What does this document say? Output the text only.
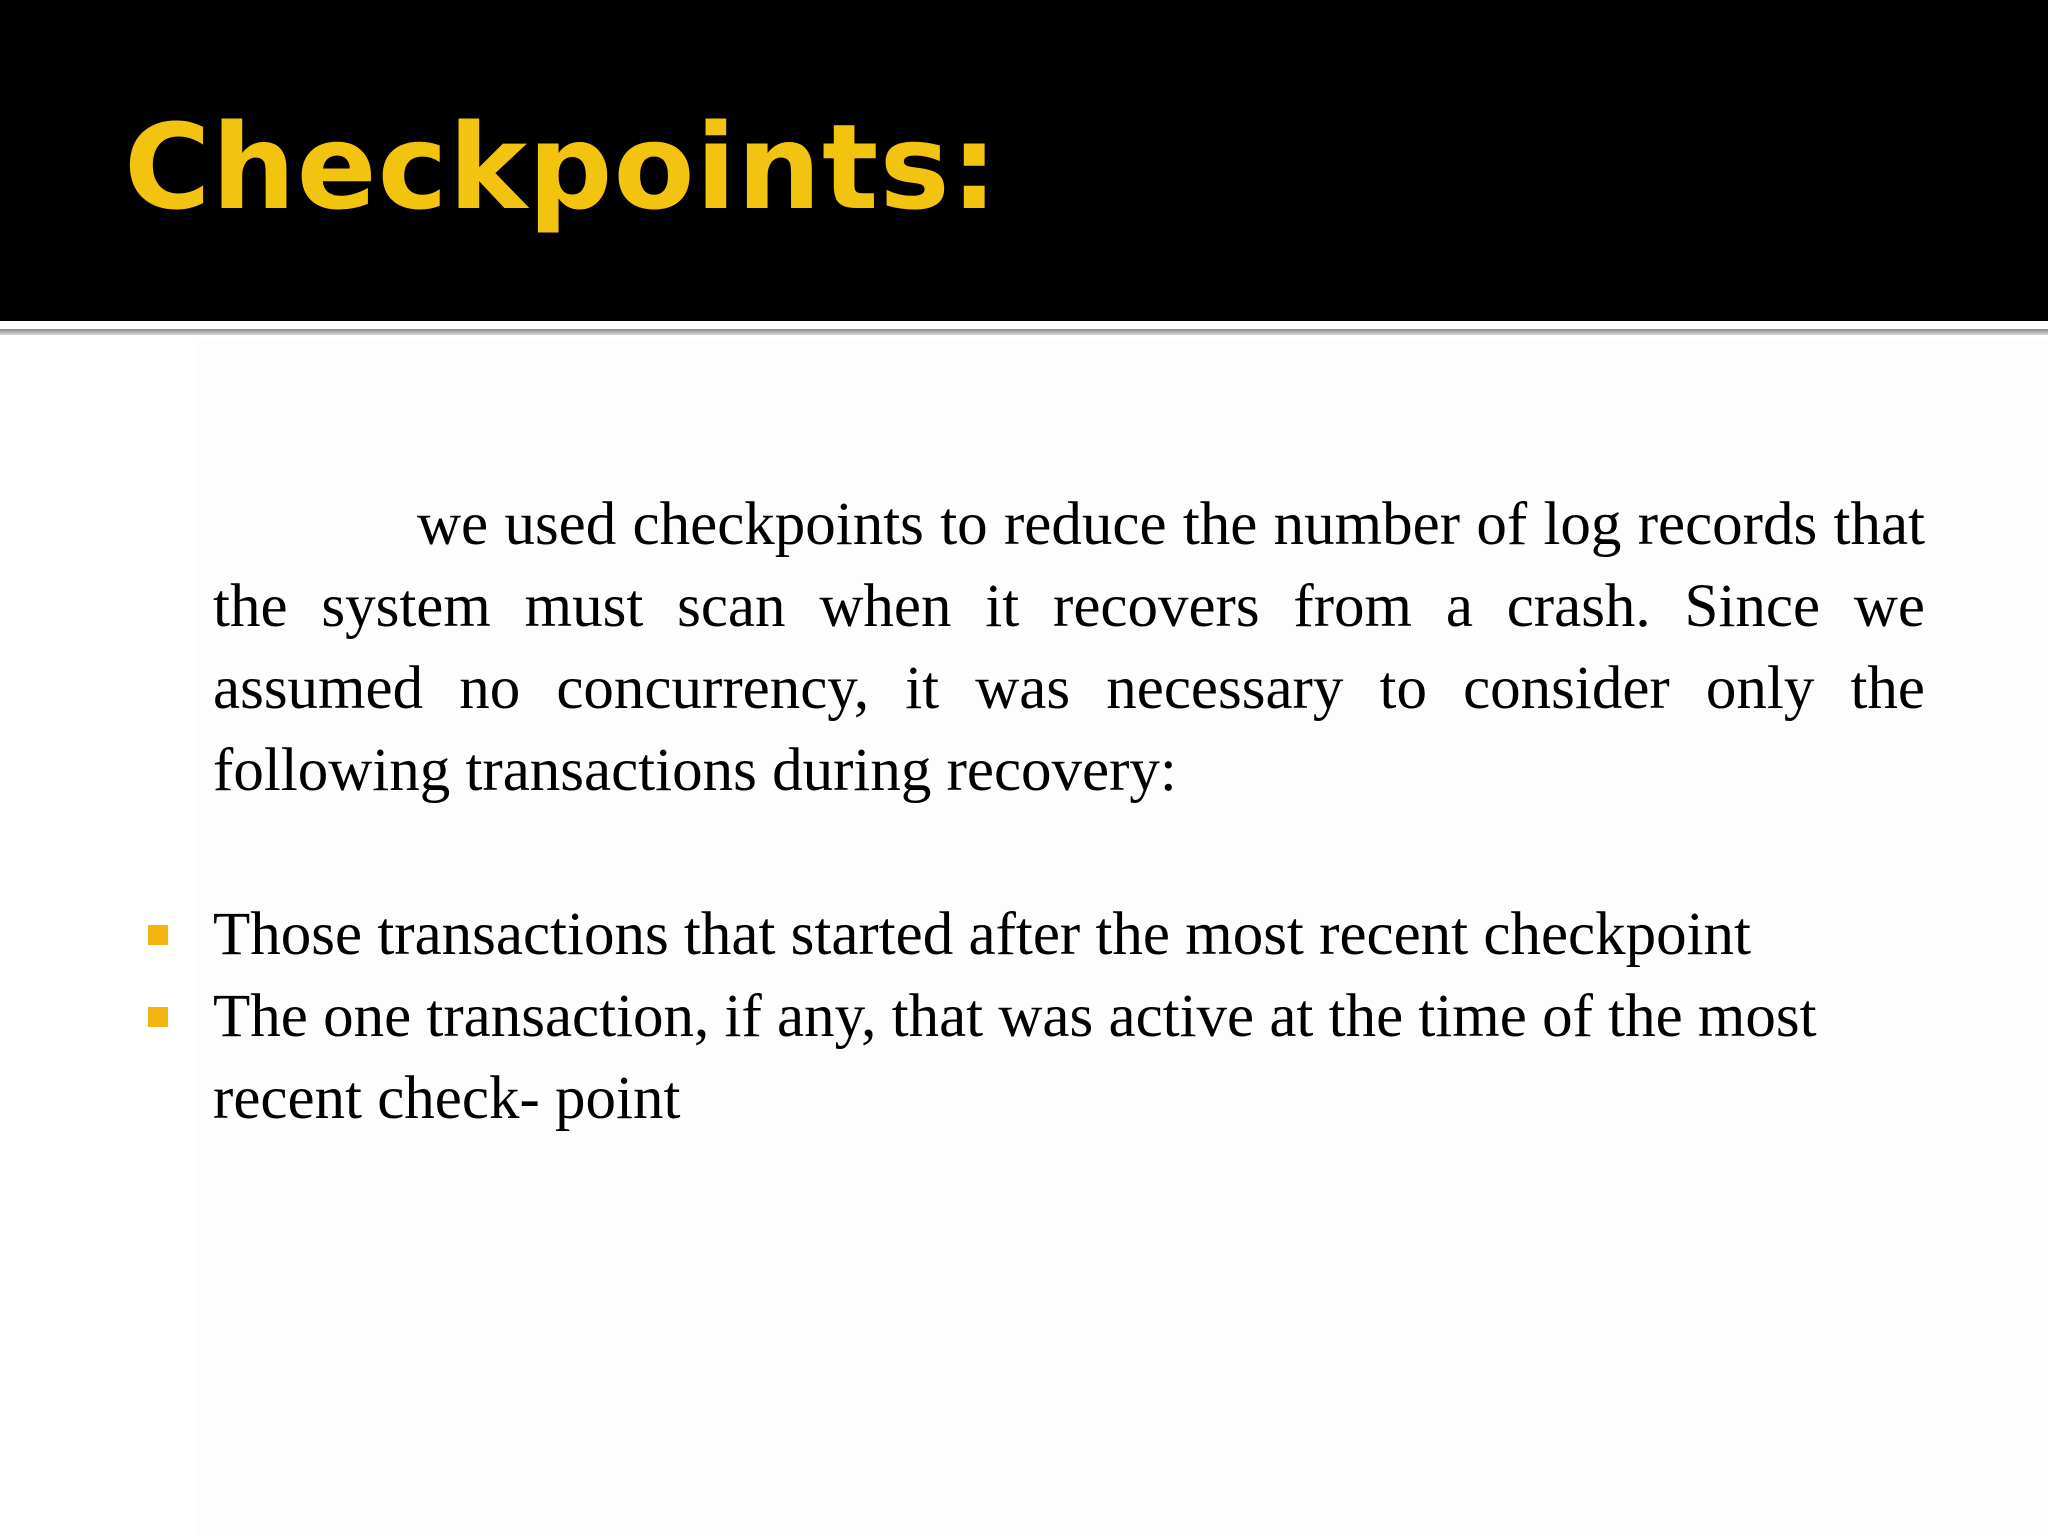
Checkpoints:

we used checkpoints to reduce the number of log records that the system must scan when it recovers from a crash. Since we assumed no concurrency, it was necessary to consider only the following transactions during recovery:

Those transactions that started after the most recent checkpoint
The one transaction, if any, that was active at the time of the most recent check- point
